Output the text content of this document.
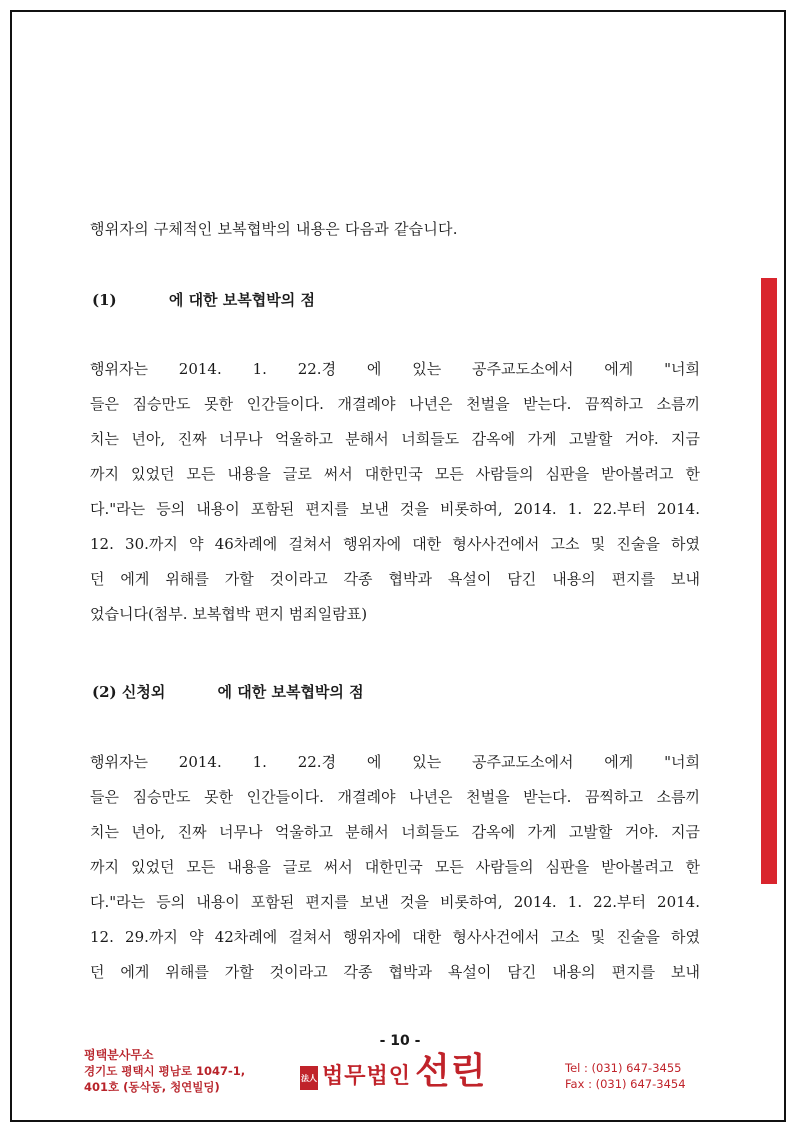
행위자의 구체적인 보복협박의 내용은 다음과 같습니다.
(1)          에 대한 보복협박의 점
행위자는 2014. 1. 22.경 에 있는 공주교도소에서 에게 "너희
들은 짐승만도 못한 인간들이다. 개결례야 나년은 천벌을 받는다. 끔찍하고 소름끼
치는 년아, 진짜 너무나 억울하고 분해서 너희들도 감옥에 가게 고발할 거야. 지금
까지 있었던 모든 내용을 글로 써서 대한민국 모든 사람들의 심판을 받아볼려고 한
다."라는 등의 내용이 포함된 편지를 보낸 것을 비롯하여, 2014. 1. 22.부터 2014.
12. 30.까지 약 46차례에 걸쳐서 행위자에 대한 형사사건에서 고소 및 진술을 하였
던 에게 위해를 가할 것이라고 각종 협박과 욕설이 담긴 내용의 편지를 보내
었습니다(첨부. 보복협박 편지 범죄일람표)
(2) 신청외          에 대한 보복협박의 점
행위자는 2014. 1. 22.경 에 있는 공주교도소에서 에게 "너희
들은 짐승만도 못한 인간들이다. 개결례야 나년은 천벌을 받는다. 끔찍하고 소름끼
치는 년아, 진짜 너무나 억울하고 분해서 너희들도 감옥에 가게 고발할 거야. 지금
까지 있었던 모든 내용을 글로 써서 대한민국 모든 사람들의 심판을 받아볼려고 한
다."라는 등의 내용이 포함된 편지를 보낸 것을 비롯하여, 2014. 1. 22.부터 2014.
12. 29.까지 약 42차례에 걸쳐서 행위자에 대한 형사사건에서 고소 및 진술을 하였
던 에게 위해를 가할 것이라고 각종 협박과 욕설이 담긴 내용의 편지를 보내
- 10 -
평택분사무소
경기도 평택시 평남로 1047-1,
401호 (동삭동, 청연빌딩)
法人 법무법인 선린	Tel : (031) 647-3455
Fax : (031) 647-3454
